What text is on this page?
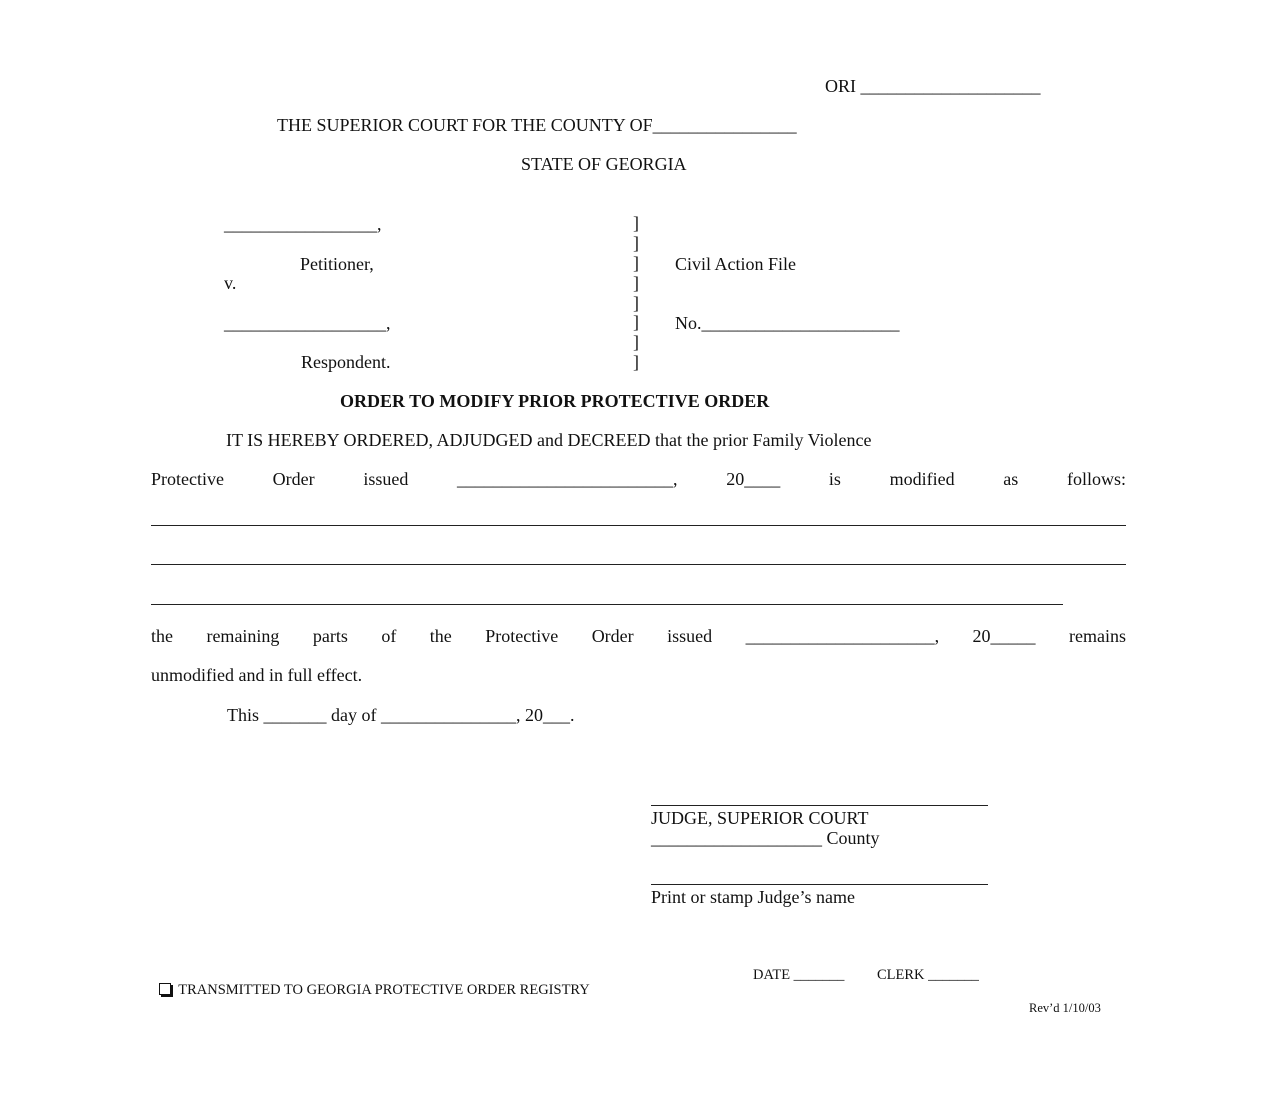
ORI ____________________
THE SUPERIOR COURT FOR THE COUNTY OF________________
STATE OF GEORGIA
_________________,
Petitioner,
v.
__________________,
Respondent.
]
]
]
]
]
]
]
]
Civil Action File
No.______________________
ORDER TO MODIFY PRIOR PROTECTIVE ORDER
IT IS HEREBY ORDERED, ADJUDGED and DECREED that the prior Family Violence
Protective	Order	issued	________________________,	20____	is	modified	as	follows:
the remaining parts of the Protective Order issued _____________________, 20_____ remains
unmodified and in full effect.
This _______ day of _______________, 20___.
JUDGE, SUPERIOR COURT
___________________ County
Print or stamp Judge’s name

TRANSMITTED TO GEORGIA PROTECTIVE ORDER REGISTRY

DATE _______ CLERK _______
Rev’d 1/10/03
